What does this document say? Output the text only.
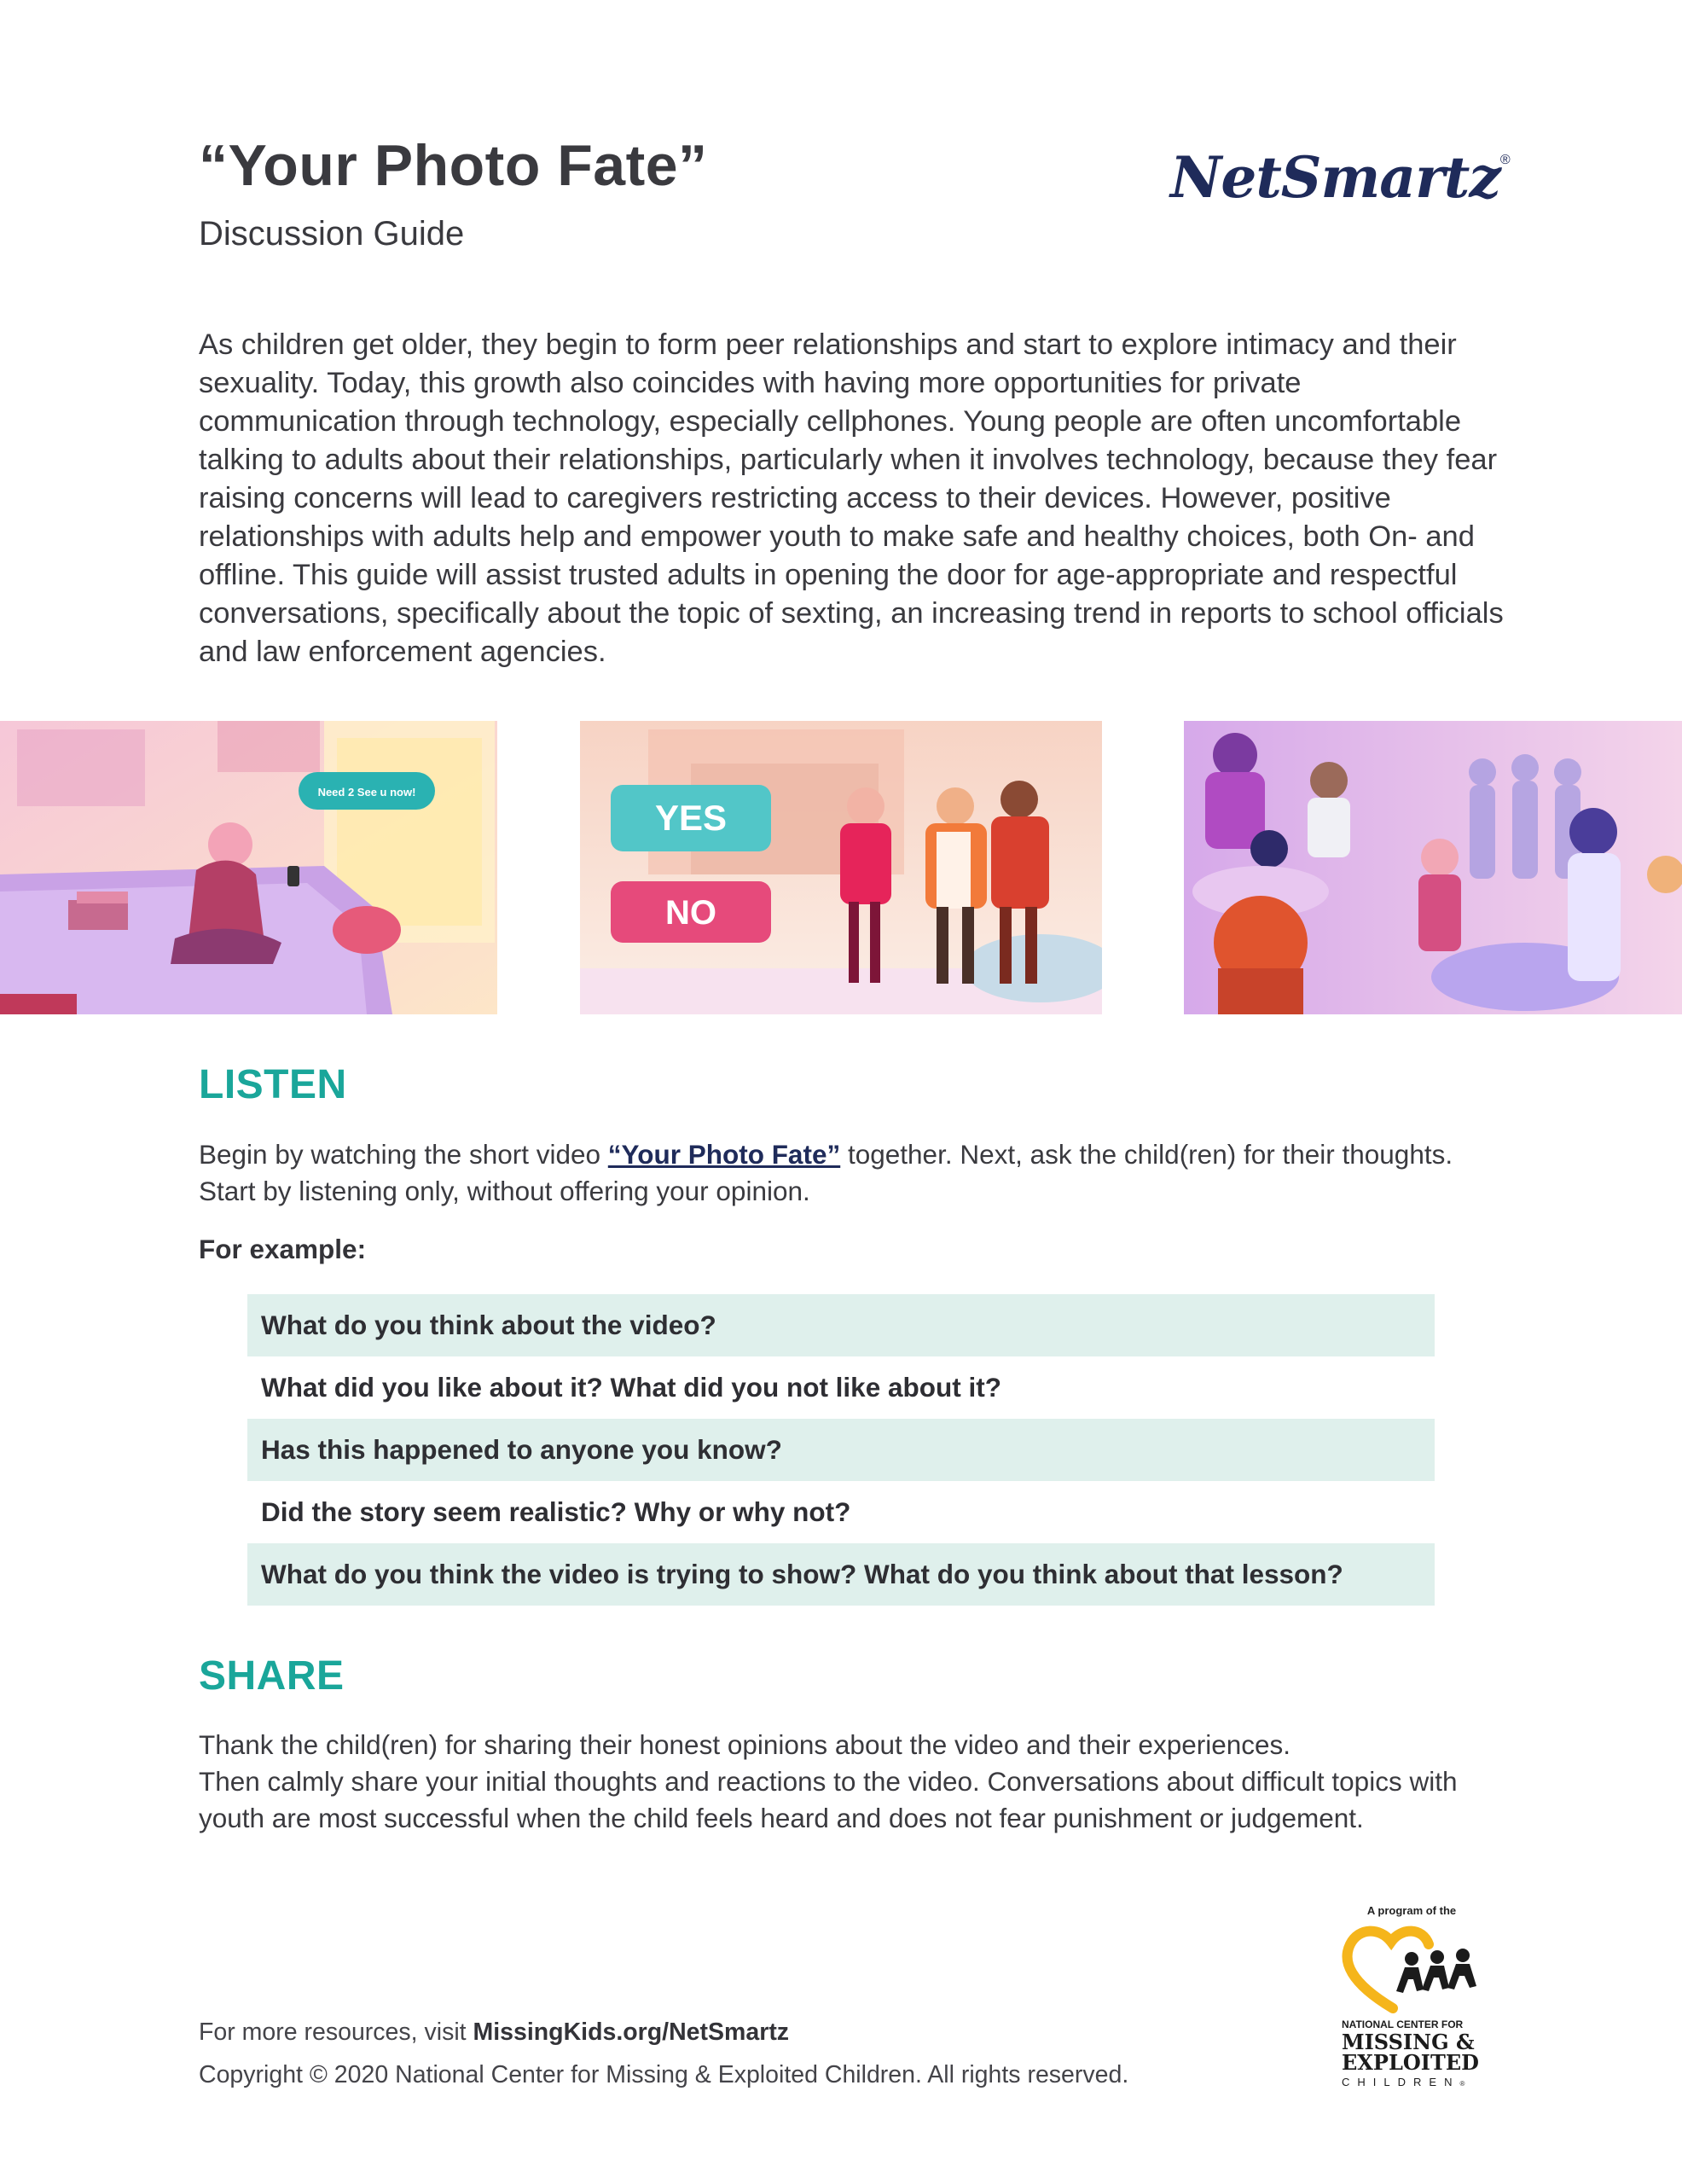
“Your Photo Fate”
Discussion Guide
NetSmartz®

As children get older, they begin to form peer relationships and start to explore intimacy and their sexuality. Today, this growth also coincides with having more opportunities for private communication through technology, especially cellphones. Young people are often uncomfortable talking to adults about their relationships, particularly when it involves technology, because they fear raising concerns will lead to caregivers restricting access to their devices. However, positive relationships with adults help and empower youth to make safe and healthy choices, both On- and offline. This guide will assist trusted adults in opening the door for age-appropriate and respectful conversations, specifically about the topic of sexting, an increasing trend in reports to school officials and law enforcement agencies.

Need 2 See u now!
YES
NO
LISTEN

Begin by watching the short video “Your Photo Fate” together. Next, ask the child(ren) for their thoughts. Start by listening only, without offering your opinion.

For example:
What do you think about the video?
What did you like about it? What did you not like about it?
Has this happened to anyone you know?
Did the story seem realistic? Why or why not?
What do you think the video is trying to show? What do you think about that lesson?
SHARE

Thank the child(ren) for sharing their honest opinions about the video and their experiences.
Then calmly share your initial thoughts and reactions to the video. Conversations about difficult topics with youth are most successful when the child feels heard and does not fear punishment or judgement.

For more resources, visit MissingKids.org/NetSmartz
Copyright © 2020 National Center for Missing & Exploited Children. All rights reserved.
A program of the
NATIONAL CENTER FOR
MISSING &
EXPLOITED
CHILDREN®
